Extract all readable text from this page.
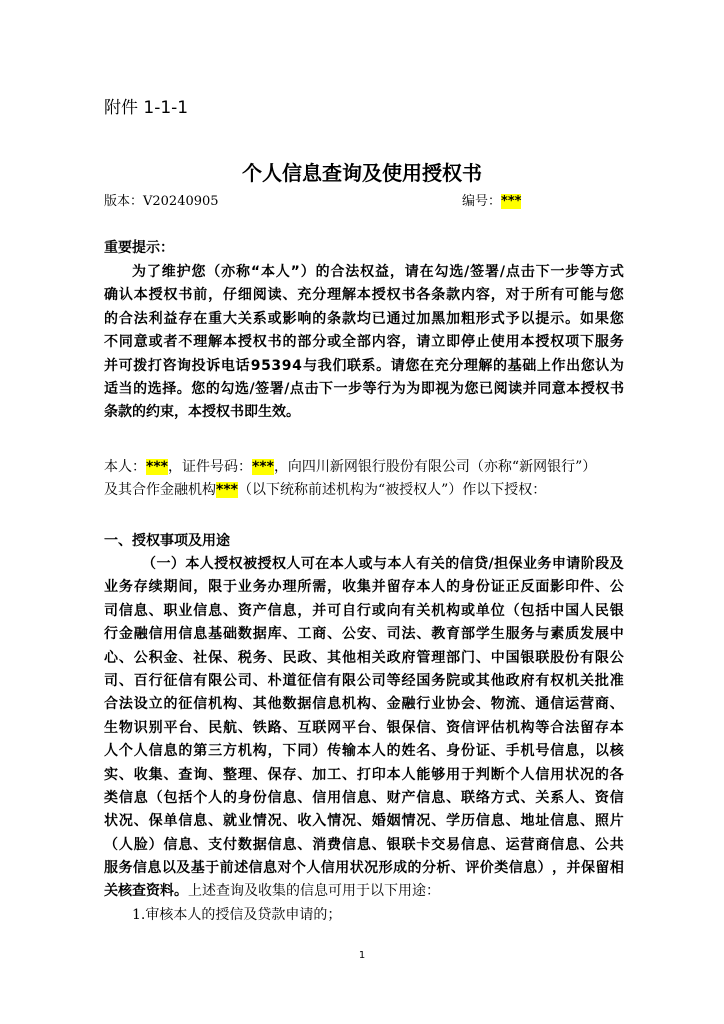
附件 1-1-1
个人信息查询及使用授权书
版本：V20240905	编号：***
重要提示：
为 了 维 护 您 （ 亦 称 “ 本 人 ” ） 的 合 法 权 益 ， 请 在 勾 选 / 签 署 / 点 击 下 一 步 等 方 式
确 认 本 授 权 书 前 ， 仔 细 阅 读 、 充 分 理 解 本 授 权 书 各 条 款 内 容 ， 对 于 所 有 可 能 与 您
的 合 法 利 益 存 在 重 大 关 系 或 影 响 的 条 款 均 已 通 过 加 黑 加 粗 形 式 予 以 提 示 。 如 果 您
不 同 意 或 者 不 理 解 本 授 权 书 的 部 分 或 全 部 内 容 ， 请 立 即 停 止 使 用 本 授 权 项 下 服 务
并 可 拨 打 咨 询 投 诉 电 话 9 5 3 9 4 与 我 们 联 系 。 请 您 在 充 分 理 解 的 基 础 上 作 出 您 认 为
适 当 的 选 择 。 您 的 勾 选 / 签 署 / 点 击 下 一 步 等 行 为 为 即 视 为 您 已 阅 读 并 同 意 本 授 权 书
条款的约束，本授权书即生效。
本人：***，证件号码：***，向四川新网银行股份有限公司（亦称“新网银行”）
及其合作金融机构***（以下统称前述机构为“被授权人”）作以下授权：
一、授权事项及用途
（ 一 ） 本 人 授 权 被 授 权 人 可 在 本 人 或 与 本 人 有 关 的 信 贷 / 担 保 业 务 申 请 阶 段 及
业 务 存 续 期 间 ， 限 于 业 务 办 理 所 需 ， 收 集 并 留 存 本 人 的 身 份 证 正 反 面 影 印 件 、 公
司 信 息 、 职 业 信 息 、 资 产 信 息 ， 并 可 自 行 或 向 有 关 机 构 或 单 位 （ 包 括 中 国 人 民 银
行 金 融 信 用 信 息 基 础 数 据 库 、 工 商 、 公 安 、 司 法 、 教 育 部 学 生 服 务 与 素 质 发 展 中
心 、 公 积 金 、 社 保 、 税 务 、 民 政 、 其 他 相 关 政 府 管 理 部 门 、 中 国 银 联 股 份 有 限 公
司 、 百 行 征 信 有 限 公 司 、 朴 道 征 信 有 限 公 司 等 经 国 务 院 或 其 他 政 府 有 权 机 关 批 准
合 法 设 立 的 征 信 机 构 、 其 他 数 据 信 息 机 构 、 金 融 行 业 协 会 、 物 流 、 通 信 运 营 商 、
生 物 识 别 平 台 、 民 航 、 铁 路 、 互 联 网 平 台 、 银 保 信 、 资 信 评 估 机 构 等 合 法 留 存 本
人 个 人 信 息 的 第 三 方 机 构 ， 下 同 ） 传 输 本 人 的 姓 名 、 身 份 证 、 手 机 号 信 息 ， 以 核
实 、 收 集 、 查 询 、 整 理 、 保 存 、 加 工 、 打 印 本 人 能 够 用 于 判 断 个 人 信 用 状 况 的 各
类 信 息 （ 包 括 个 人 的 身 份 信 息 、 信 用 信 息 、 财 产 信 息 、 联 络 方 式 、 关 系 人 、 资 信
状 况 、 保 单 信 息 、 就 业 情 况 、 收 入 情 况 、 婚 姻 情 况 、 学 历 信 息 、 地 址 信 息 、 照 片
（ 人 脸 ） 信 息 、 支 付 数 据 信 息 、 消 费 信 息 、 银 联 卡 交 易 信 息 、 运 营 商 信 息 、 公 共
服 务 信 息 以 及 基 于 前 述 信 息 对 个 人 信 用 状 况 形 成 的 分 析 、 评 价 类 信 息 ） ， 并 保 留 相
关核查资料。上述查询及收集的信息可用于以下用途：
1.审核本人的授信及贷款申请的；
1
